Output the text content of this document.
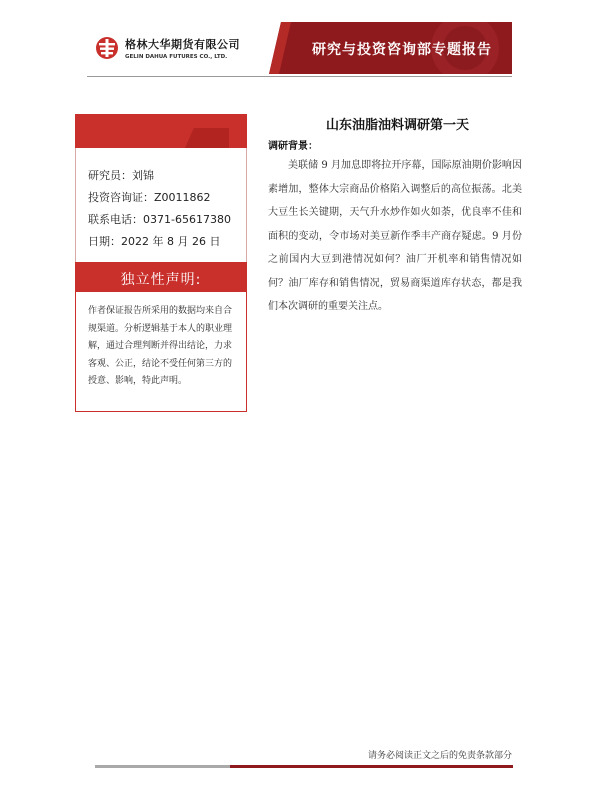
格林大华期货有限公司
GELIN DAHUA FUTURES CO., LTD.	研究与投资咨询部专题报告
研究员：刘锦
投资咨询证：Z0011862
联系电话：0371-65617380
日期：2022 年 8 月 26 日
独立性声明:
作者保证报告所采用的数据均来自合规渠道。分析逻辑基于本人的职业理解，通过合理判断并得出结论，力求客观、公正，结论不受任何第三方的授意、影响，特此声明。
山东油脂油料调研第一天
调研背景：
美联储 9 月加息即将拉开序幕，国际原油期价影响因素增加，整体大宗商品价格陷入调整后的高位振荡。北美大豆生长关键期，天气升水炒作如火如荼，优良率不佳和面积的变动，令市场对美豆新作季丰产商存疑虑。9 月份之前国内大豆到港情况如何？油厂开机率和销售情况如何？油厂库存和销售情况，贸易商渠道库存状态，都是我们本次调研的重要关注点。
请务必阅读正文之后的免责条款部分
